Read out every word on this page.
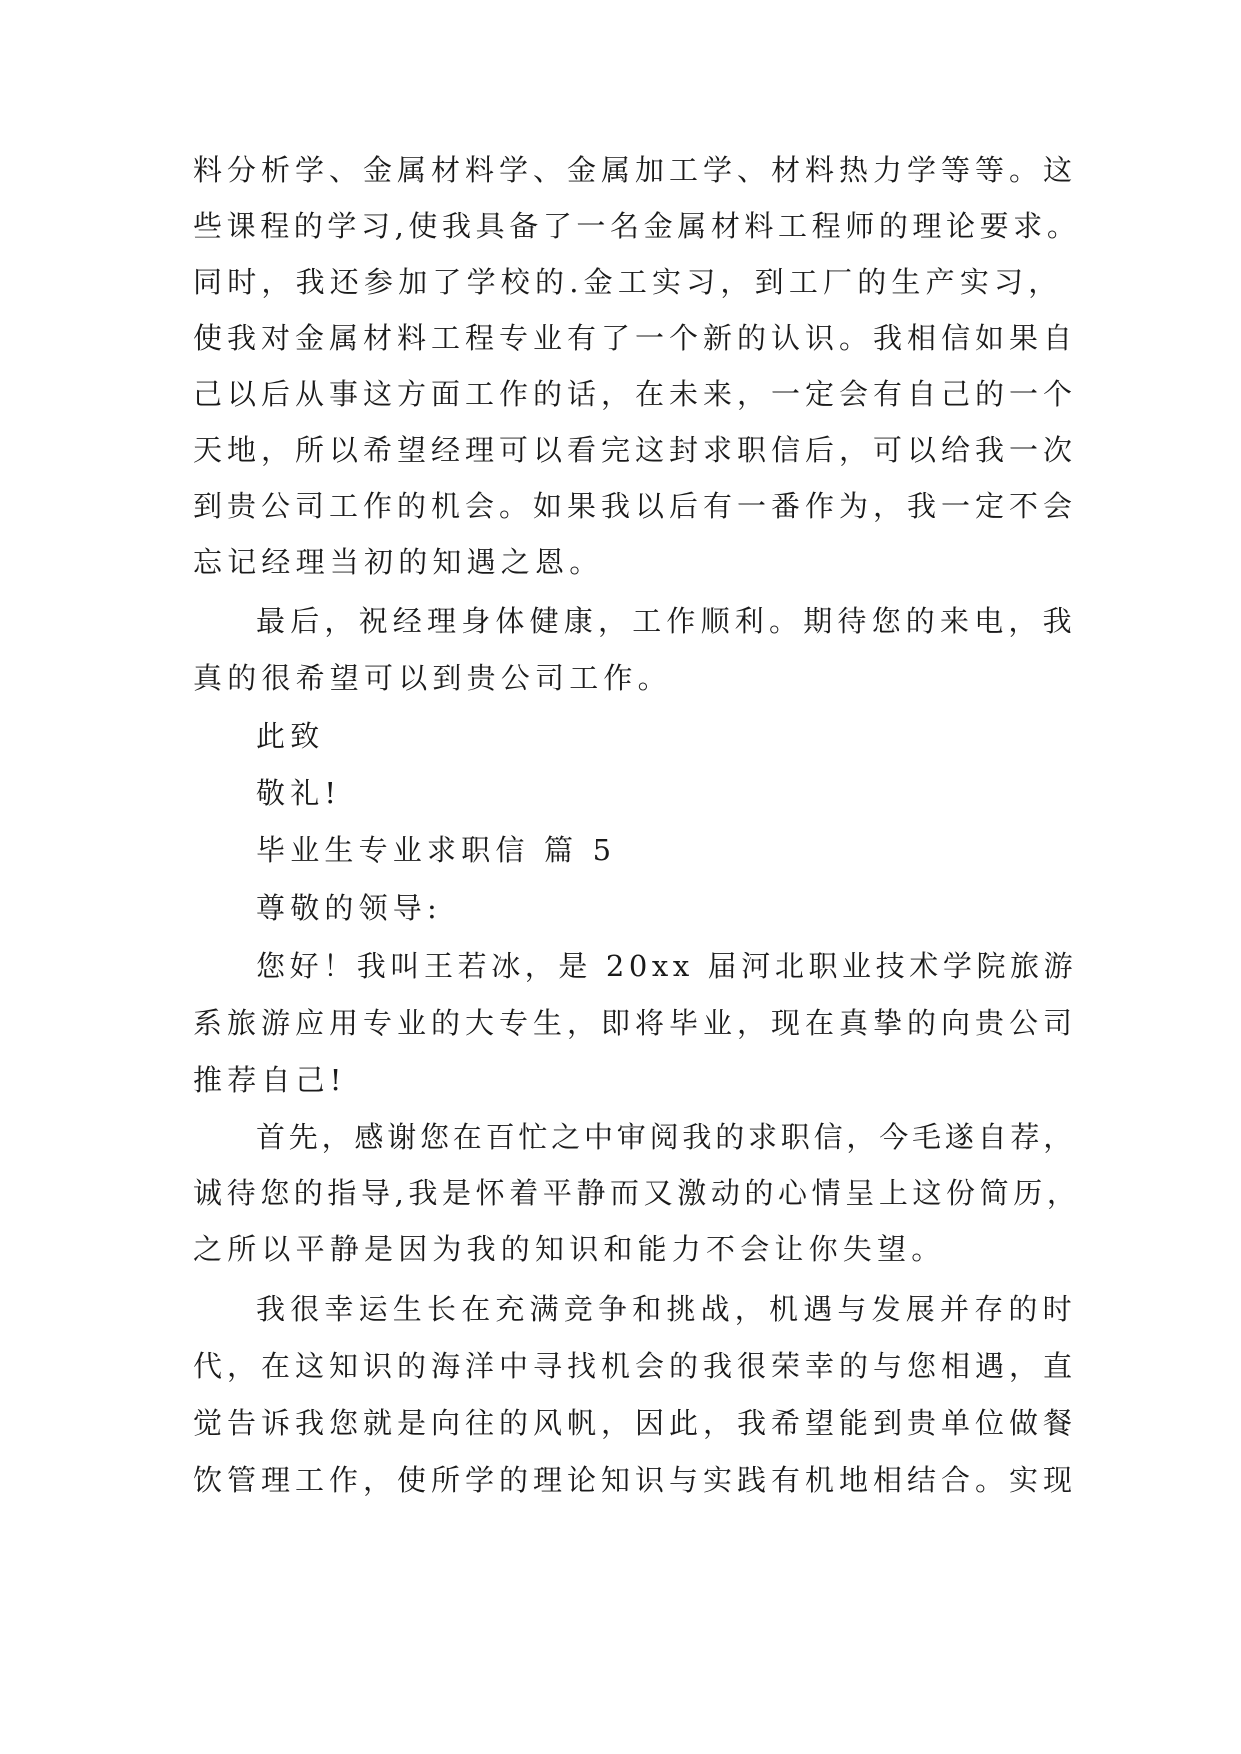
料分析学、金属材料学、金属加工学、材料热力学等等。这
些课程的学习,使我具备了一名金属材料工程师的理论要求。
同时，我还参加了学校的.金工实习，到工厂的生产实习，
使我对金属材料工程专业有了一个新的认识。我相信如果自
己以后从事这方面工作的话，在未来，一定会有自己的一个
天地，所以希望经理可以看完这封求职信后，可以给我一次
到贵公司工作的机会。如果我以后有一番作为，我一定不会
忘记经理当初的知遇之恩。
最后，祝经理身体健康，工作顺利。期待您的来电，我
真的很希望可以到贵公司工作。
此致
敬礼!
毕业生专业求职信 篇 5
尊敬的领导:
您好！我叫王若冰，是 20xx 届河北职业技术学院旅游
系旅游应用专业的大专生，即将毕业，现在真挚的向贵公司
推荐自己!
首先，感谢您在百忙之中审阅我的求职信，今毛遂自荐，
诚待您的指导,我是怀着平静而又激动的心情呈上这份简历，
之所以平静是因为我的知识和能力不会让你失望。
我很幸运生长在充满竞争和挑战，机遇与发展并存的时
代，在这知识的海洋中寻找机会的我很荣幸的与您相遇，直
觉告诉我您就是向往的风帆，因此，我希望能到贵单位做餐
饮管理工作，使所学的理论知识与实践有机地相结合。实现
